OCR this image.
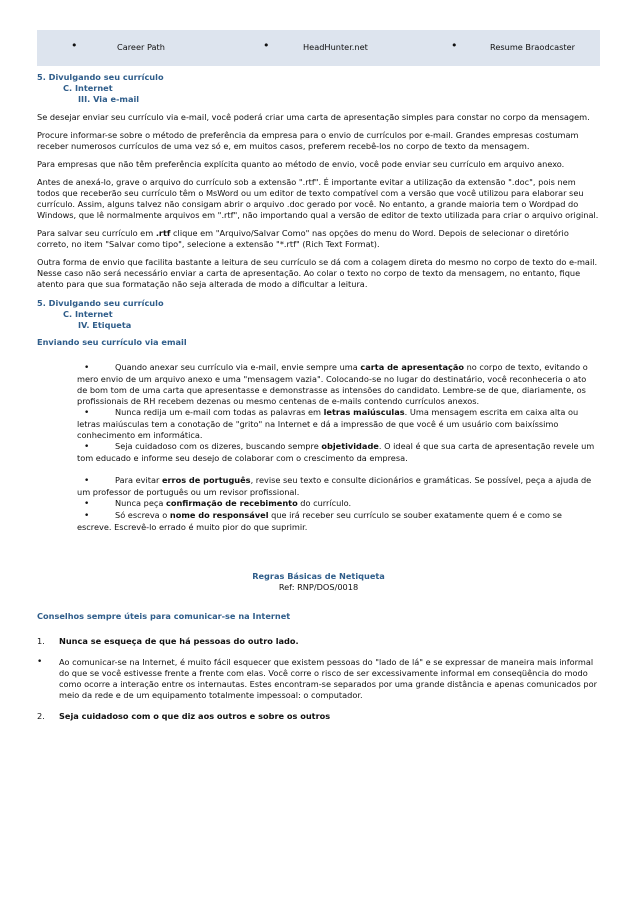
•	Career Path	•	HeadHunter.net	•	Resume Braodcaster

5. Divulgando seu currículo

C. Internet

III. Via e-mail

Se desejar enviar seu currículo via e-mail, você poderá criar uma carta de apresentação simples para constar no corpo da mensagem.

Procure informar-se sobre o método de preferência da empresa para o envio de currículos por e-mail. Grandes empresas costumam receber numerosos currículos de uma vez só e, em muitos casos, preferem recebê-los no corpo de texto da mensagem.

Para empresas que não têm preferência explícita quanto ao método de envio, você pode enviar seu currículo em arquivo anexo.

Antes de anexá-lo, grave o arquivo do currículo sob a extensão ".rtf". É importante evitar a utilização da extensão ".doc", pois nem todos que receberão seu currículo têm o MsWord ou um editor de texto compatível com a versão que você utilizou para elaborar seu currículo. Assim, alguns talvez não consigam abrir o arquivo .doc gerado por você. No entanto, a grande maioria tem o Wordpad do Windows, que lê normalmente arquivos em ".rtf", não importando qual a versão de editor de texto utilizada para criar o arquivo original.

Para salvar seu currículo em .rtf clique em "Arquivo/Salvar Como" nas opções do menu do Word. Depois de selecionar o diretório correto, no item "Salvar como tipo", selecione a extensão "*.rtf" (Rich Text Format).

Outra forma de envio que facilita bastante a leitura de seu currículo se dá com a colagem direta do mesmo no corpo de texto do e-mail. Nesse caso não será necessário enviar a carta de apresentação. Ao colar o texto no corpo de texto da mensagem, no entanto, fique atento para que sua formatação não seja alterada de modo a dificultar a leitura.

5. Divulgando seu currículo

C. Internet

IV. Etiqueta

Enviando seu currículo via email

•	Quando anexar seu currículo via e-mail, envie sempre uma carta de apresentação no corpo de texto, evitando o mero envio de um arquivo anexo e uma "mensagem vazia". Colocando-se no lugar do destinatário, você reconheceria o ato de bom tom de uma carta que apresentasse e demonstrasse as intensões do candidato. Lembre-se de que, diariamente, os profissionais de RH recebem dezenas ou mesmo centenas de e-mails contendo currículos anexos.

•	Nunca redija um e-mail com todas as palavras em letras maiúsculas. Uma mensagem escrita em caixa alta ou letras maiúsculas tem a conotação de "grito" na Internet e dá a impressão de que você é um usuário com baixíssimo conhecimento em informática.

•	Seja cuidadoso com os dizeres, buscando sempre objetividade. O ideal é que sua carta de apresentação revele um tom educado e informe seu desejo de colaborar com o crescimento da empresa.

•	Para evitar erros de português, revise seu texto e consulte dicionários e gramáticas. Se possível, peça a ajuda de um professor de português ou um revisor profissional.

•	Nunca peça confirmação de recebimento do currículo.

•	Só escreva o nome do responsável que irá receber seu currículo se souber exatamente quem é e como se escreve. Escrevê-lo errado é muito pior do que suprimir.

Regras Básicas de Netiqueta

Ref: RNP/DOS/0018

Conselhos sempre úteis para comunicar-se na Internet

1. Nunca se esqueça de que há pessoas do outro lado.

• Ao comunicar-se na Internet, é muito fácil esquecer que existem pessoas do "lado de lá" e se expressar de maneira mais informal do que se você estivesse frente a frente com elas. Você corre o risco de ser excessivamente informal em conseqüência do modo como ocorre a interação entre os internautas. Estes encontram-se separados por uma grande distância e apenas comunicados por meio da rede e de um equipamento totalmente impessoal: o computador.

2. Seja cuidadoso com o que diz aos outros e sobre os outros
